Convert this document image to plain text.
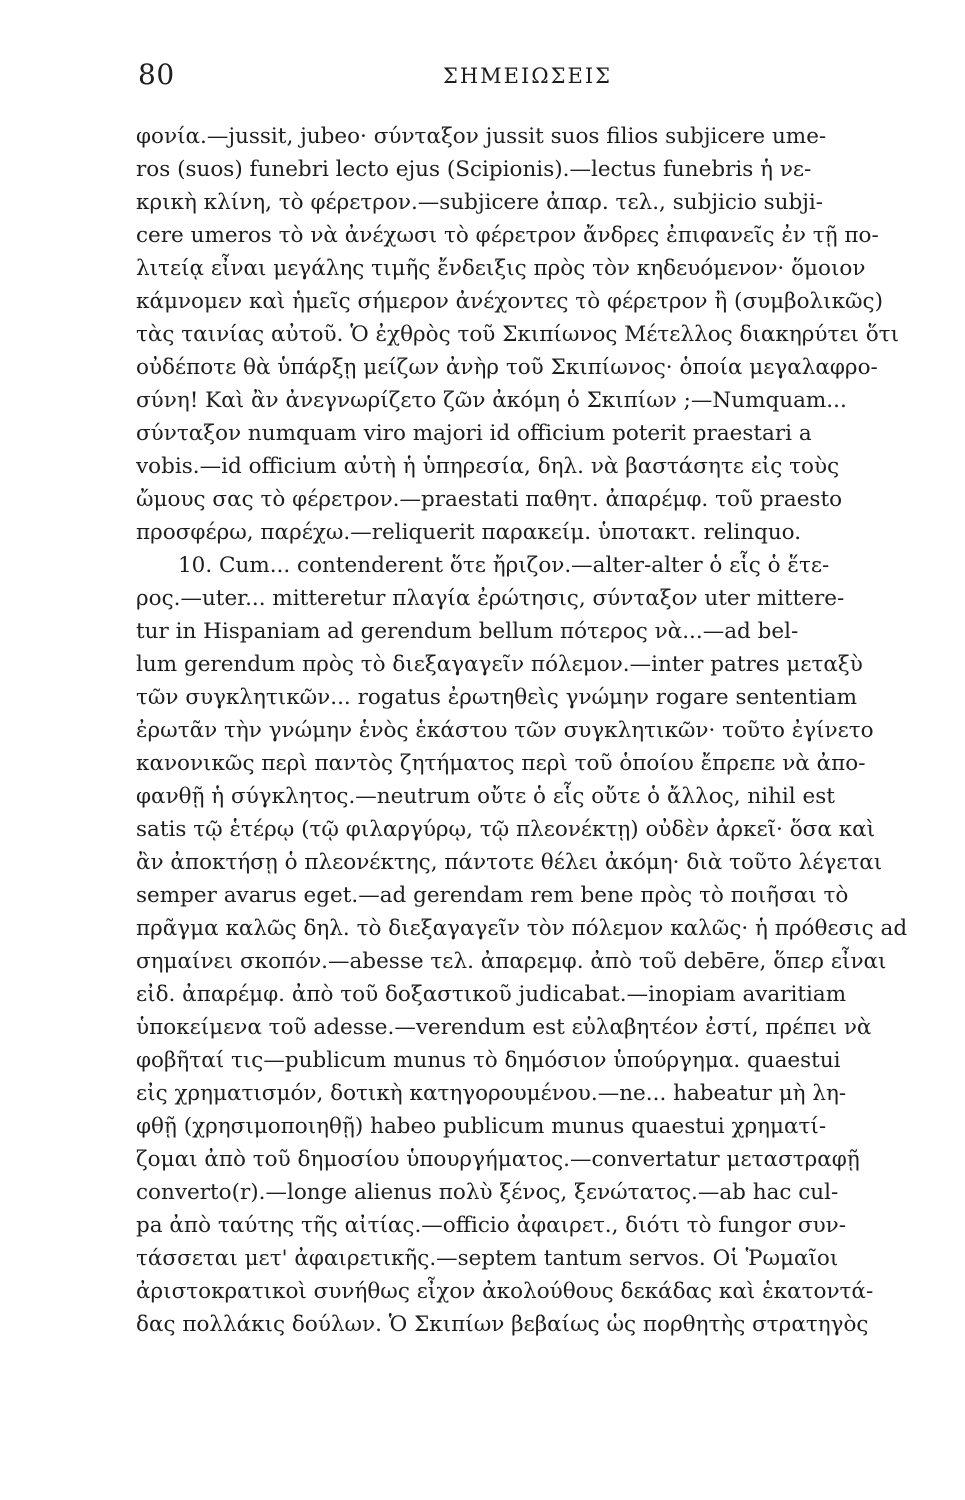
80	ΣΗΜΕΙΩΣΕΙΣ
φονία.—jussit, jubeo· σύνταξον jussit suos filios subjicere ume-
ros (suos) funebri lecto ejus (Scipionis).—lectus funebris ἡ νε-
κρικὴ κλίνη, τὸ φέρετρον.—subjicere ἀπαρ. τελ., subjicio subji-
cere umeros τὸ νὰ ἀνέχωσι τὸ φέρετρον ἄνδρες ἐπιφανεῖς ἐν τῇ πο-
λιτείᾳ εἶναι μεγάλης τιμῆς ἔνδειξις πρὸς τὸν κηδευόμενον· ὅμοιον
κάμνομεν καὶ ἡμεῖς σήμερον ἀνέχοντες τὸ φέρετρον ἢ (συμβολικῶς)
τὰς ταινίας αὐτοῦ. Ὁ ἐχθρὸς τοῦ Σκιπίωνος Μέτελλος διακηρύτει ὅτι
οὐδέποτε θὰ ὑπάρξῃ μείζων ἀνὴρ τοῦ Σκιπίωνος· ὁποία μεγαλαφρο-
σύνη! Καὶ ἂν ἀνεγνωρίζετο ζῶν ἀκόμη ὁ Σκιπίων ;—Numquam...
σύνταξον numquam viro majori id officium poterit praestari a
vobis.—id officium αὐτὴ ἡ ὑπηρεσία, δηλ. νὰ βαστάσητε εἰς τοὺς
ὤμους σας τὸ φέρετρον.—praestati παθητ. ἀπαρέμφ. τοῦ praesto
προσφέρω, παρέχω.—reliquerit παρακείμ. ὑποτακτ. relinquo.
10. Cum... contenderent ὅτε ἤριζον.—alter-alter ὁ εἷς ὁ ἕτε-
ρος.—uter... mitteretur πλαγία ἐρώτησις, σύνταξον uter mittere-
tur in Hispaniam ad gerendum bellum πότερος νὰ...—ad bel-
lum gerendum πρὸς τὸ διεξαγαγεῖν πόλεμον.—inter patres μεταξὺ
τῶν συγκλητικῶν... rogatus ἐρωτηθεὶς γνώμην rogare sententiam
ἐρωτᾶν τὴν γνώμην ἑνὸς ἑκάστου τῶν συγκλητικῶν· τοῦτο ἐγίνετο
κανονικῶς περὶ παντὸς ζητήματος περὶ τοῦ ὁποίου ἔπρεπε νὰ ἀπο-
φανθῇ ἡ σύγκλητος.—neutrum οὔτε ὁ εἷς οὔτε ὁ ἄλλος, nihil est
satis τῷ ἑτέρῳ (τῷ φιλαργύρῳ, τῷ πλεονέκτῃ) οὐδὲν ἀρκεῖ· ὅσα καὶ
ἂν ἀποκτήσῃ ὁ πλεονέκτης, πάντοτε θέλει ἀκόμη· διὰ τοῦτο λέγεται
semper avarus eget.—ad gerendam rem bene πρὸς τὸ ποιῆσαι τὸ
πρᾶγμα καλῶς δηλ. τὸ διεξαγαγεῖν τὸν πόλεμον καλῶς· ἡ πρόθεσις ad
σημαίνει σκοπόν.—abesse τελ. ἀπαρεμφ. ἀπὸ τοῦ debēre, ὅπερ εἶναι
εἰδ. ἀπαρέμφ. ἀπὸ τοῦ δοξαστικοῦ judicabat.—inopiam avaritiam
ὑποκείμενα τοῦ adesse.—verendum est εὐλαβητέον ἐστί, πρέπει νὰ
φοβῆταί τις—publicum munus τὸ δημόσιον ὑπούργημα. quaestui
εἰς χρηματισμόν, δοτικὴ κατηγορουμένου.—ne... habeatur μὴ λη-
φθῇ (χρησιμοποιηθῇ) habeo publicum munus quaestui χρηματί-
ζομαι ἀπὸ τοῦ δημοσίου ὑπουργήματος.—convertatur μεταστραφῇ
converto(r).—longe alienus πολὺ ξένος, ξενώτατος.—ab hac cul-
pa ἀπὸ ταύτης τῆς αἰτίας.—officio ἀφαιρετ., διότι τὸ fungor συν-
τάσσεται μετ' ἀφαιρετικῆς.—septem tantum servos. Οἱ Ῥωμαῖοι
ἀριστοκρατικοὶ συνήθως εἶχον ἀκολούθους δεκάδας καὶ ἑκατοντά-
δας πολλάκις δούλων. Ὁ Σκιπίων βεβαίως ὡς πορθητὴς στρατηγὸς
